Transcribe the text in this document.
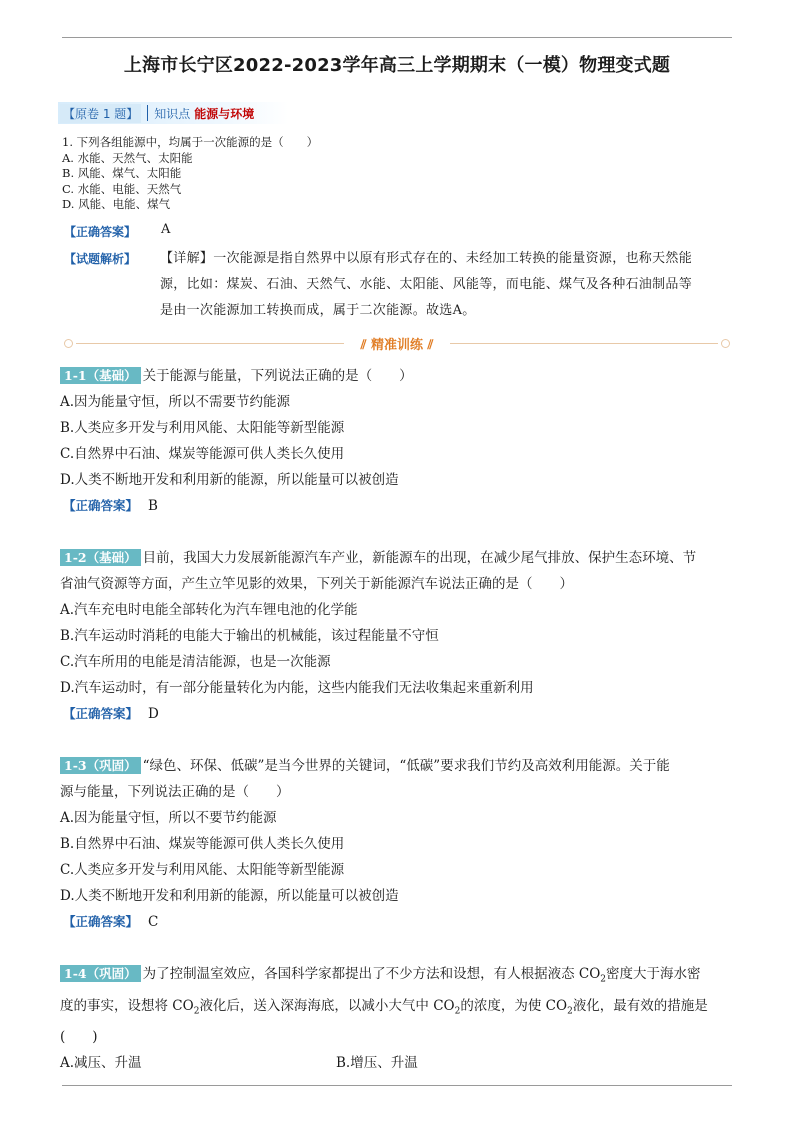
上海市长宁区2022-2023学年高三上学期期末（一模）物理变式题
【原卷 1 题】 知识点 能源与环境
1. 下列各组能源中，均属于一次能源的是（　　）
A. 水能、天然气、太阳能
B. 风能、煤气、太阳能
C. 水能、电能、天然气
D. 风能、电能、煤气
【正确答案】 A
【试题解析】 【详解】一次能源是指自然界中以原有形式存在的、未经加工转换的能量资源，也称天然能
源，比如：煤炭、石油、天然气、水能、太阳能、风能等，而电能、煤气及各种石油制品等
是由一次能源加工转换而成，属于二次能源。故选A。
⫽ 精准训练 ⫽
1-1（基础） 关于能源与能量，下列说法正确的是（　　）
A.因为能量守恒，所以不需要节约能源
B.人类应多开发与利用风能、太阳能等新型能源
C.自然界中石油、煤炭等能源可供人类长久使用
D.人类不断地开发和利用新的能源，所以能量可以被创造
【正确答案】 B
1-2（基础） 目前，我国大力发展新能源汽车产业，新能源车的出现，在减少尾气排放、保护生态环境、节
省油气资源等方面，产生立竿见影的效果，下列关于新能源汽车说法正确的是（　　）
A.汽车充电时电能全部转化为汽车锂电池的化学能
B.汽车运动时消耗的电能大于输出的机械能，该过程能量不守恒
C.汽车所用的电能是清洁能源，也是一次能源
D.汽车运动时，有一部分能量转化为内能，这些内能我们无法收集起来重新利用
【正确答案】 D
1-3（巩固） “绿色、环保、低碳”是当今世界的关键词，“低碳”要求我们节约及高效利用能源。关于能
源与能量，下列说法正确的是（　　）
A.因为能量守恒，所以不要节约能源
B.自然界中石油、煤炭等能源可供人类长久使用
C.人类应多开发与利用风能、太阳能等新型能源
D.人类不断地开发和利用新的能源，所以能量可以被创造
【正确答案】 C
1-4（巩固） 为了控制温室效应，各国科学家都提出了不少方法和设想，有人根据液态 $CO_2$密度大于海水密
度的事实，设想将 $CO_2$液化后，送入深海海底，以减小大气中 $CO_2$的浓度，为使 $CO_2$液化，最有效的措施是
(　　)
A.减压、升温	B.增压、升温
